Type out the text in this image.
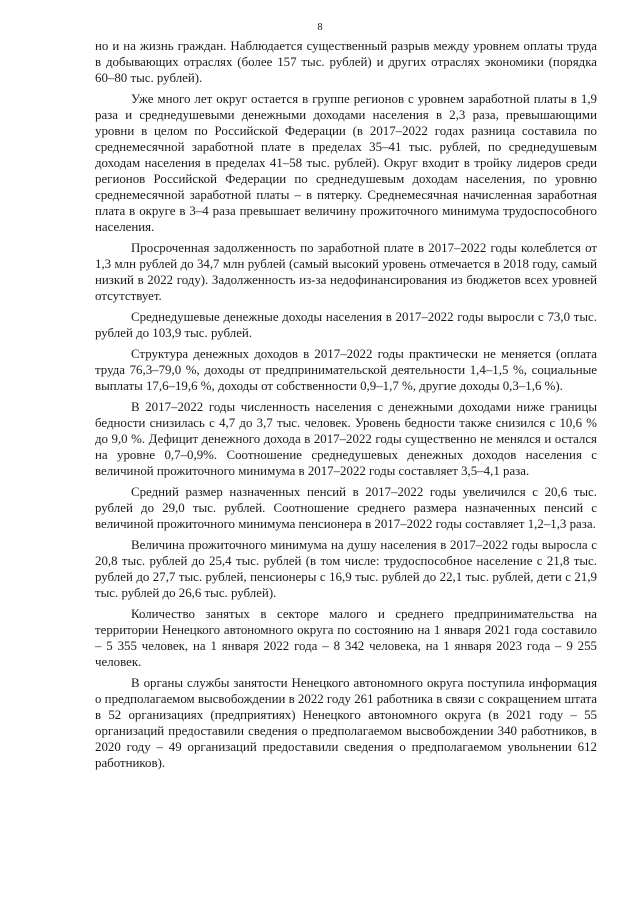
8

но и на жизнь граждан. Наблюдается существенный разрыв между уровнем оплаты труда в добывающих отраслях (более 157 тыс. рублей) и других отраслях экономики (порядка 60–80 тыс. рублей).

Уже много лет округ остается в группе регионов с уровнем заработной платы в 1,9 раза и среднедушевыми денежными доходами населения в 2,3 раза, превышающими уровни в целом по Российской Федерации (в 2017–2022 годах разница составила по среднемесячной заработной плате в пределах 35–41 тыс. рублей, по среднедушевым доходам населения в пределах 41–58 тыс. рублей). Округ входит в тройку лидеров среди регионов Российской Федерации по среднедушевым доходам населения, по уровню среднемесячной заработной платы – в пятерку. Среднемесячная начисленная заработная плата в округе в 3–4 раза превышает величину прожиточного минимума трудоспособного населения.

Просроченная задолженность по заработной плате в 2017–2022 годы колеблется от 1,3 млн рублей до 34,7 млн рублей (самый высокий уровень отмечается в 2018 году, самый низкий в 2022 году). Задолженность из-за недофинансирования из бюджетов всех уровней отсутствует.

Среднедушевые денежные доходы населения в 2017–2022 годы выросли с 73,0 тыс. рублей до 103,9 тыс. рублей.

Структура денежных доходов в 2017–2022 годы практически не меняется (оплата труда 76,3–79,0 %, доходы от предпринимательской деятельности 1,4–1,5 %, социальные выплаты 17,6–19,6 %, доходы от собственности 0,9–1,7 %, другие доходы 0,3–1,6 %).

В 2017–2022 годы численность населения с денежными доходами ниже границы бедности снизилась с 4,7 до 3,7 тыс. человек. Уровень бедности также снизился с 10,6 % до 9,0 %. Дефицит денежного дохода в 2017–2022 годы существенно не менялся и остался на уровне 0,7–0,9%. Соотношение среднедушевых денежных доходов населения с величиной прожиточного минимума в 2017–2022 годы составляет 3,5–4,1 раза.

Средний размер назначенных пенсий в 2017–2022 годы увеличился с 20,6 тыс. рублей до 29,0 тыс. рублей. Соотношение среднего размера назначенных пенсий с величиной прожиточного минимума пенсионера в 2017–2022 годы составляет 1,2–1,3 раза.

Величина прожиточного минимума на душу населения в 2017–2022 годы выросла с 20,8 тыс. рублей до 25,4 тыс. рублей (в том числе: трудоспособное население с 21,8 тыс. рублей до 27,7 тыс. рублей, пенсионеры с 16,9 тыс. рублей до 22,1 тыс. рублей, дети с 21,9 тыс. рублей до 26,6 тыс. рублей).

Количество занятых в секторе малого и среднего предпринимательства на территории Ненецкого автономного округа по состоянию на 1 января 2021 года составило – 5 355 человек, на 1 января 2022 года – 8 342 человека, на 1 января 2023 года – 9 255 человек.

В органы службы занятости Ненецкого автономного округа поступила информация о предполагаемом высвобождении в 2022 году 261 работника в связи с сокращением штата в 52 организациях (предприятиях) Ненецкого автономного округа (в 2021 году – 55 организаций предоставили сведения о предполагаемом высвобождении 340 работников, в 2020 году – 49 организаций предоставили сведения о предполагаемом увольнении 612 работников).
